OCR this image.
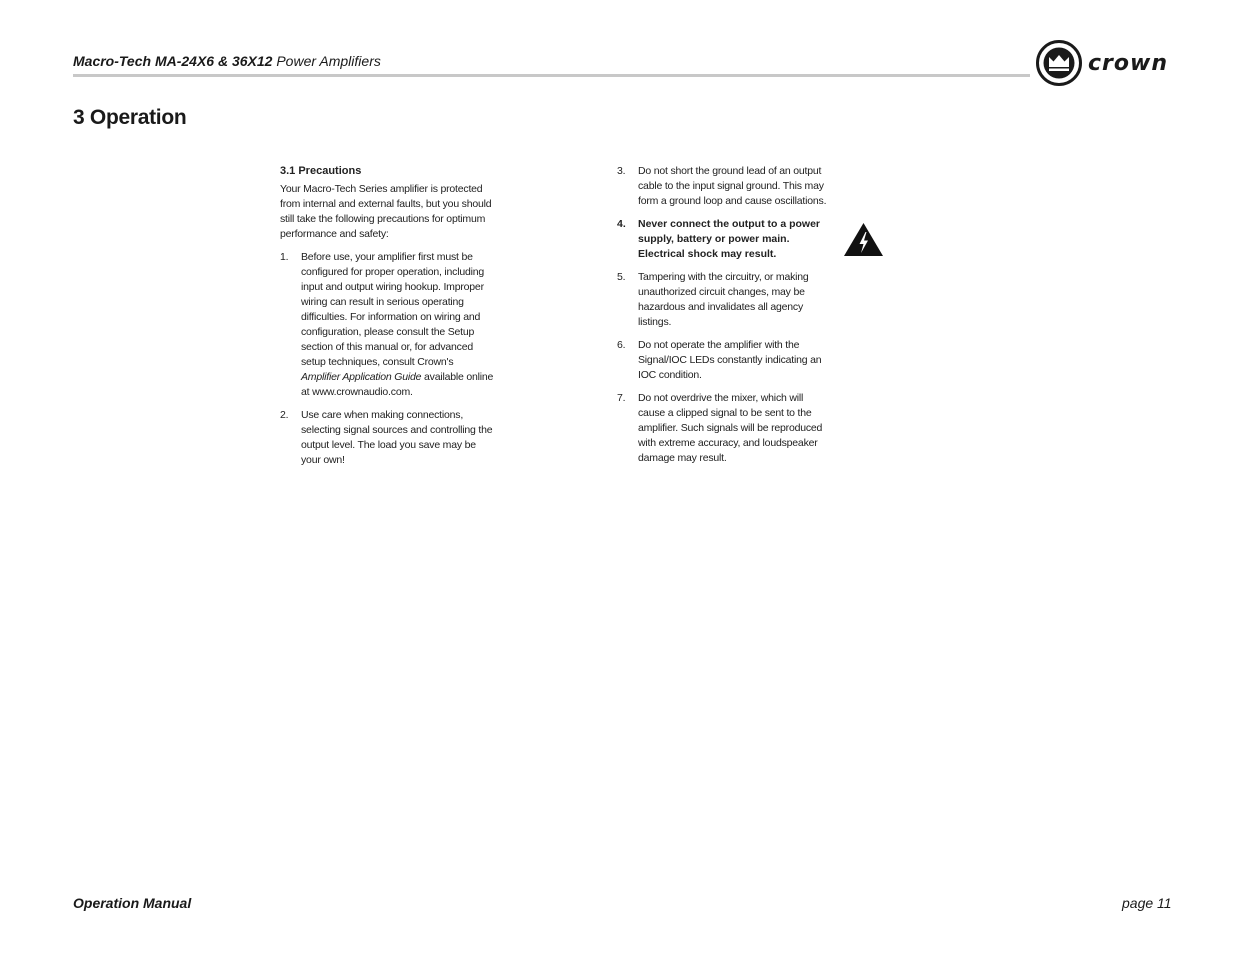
Macro-Tech MA-24X6 & 36X12 Power Amplifiers	crown
3 Operation
3.1 Precautions
Your Macro-Tech Series amplifier is protected from internal and external faults, but you should still take the following precautions for optimum performance and safety:
1. Before use, your amplifier first must be configured for proper operation, including input and output wiring hookup. Improper wiring can result in serious operating difficulties. For information on wiring and configuration, please consult the Setup section of this manual or, for advanced setup techniques, consult Crown's Amplifier Application Guide available online at www.crownaudio.com.
2. Use care when making connections, selecting signal sources and controlling the output level. The load you save may be your own!
3. Do not short the ground lead of an output cable to the input signal ground. This may form a ground loop and cause oscillations.
4. Never connect the output to a power supply, battery or power main. Electrical shock may result.
5. Tampering with the circuitry, or making unauthorized circuit changes, may be hazardous and invalidates all agency listings.
6. Do not operate the amplifier with the Signal/IOC LEDs constantly indicating an IOC condition.
7. Do not overdrive the mixer, which will cause a clipped signal to be sent to the amplifier. Such signals will be reproduced with extreme accuracy, and loudspeaker damage may result.
Operation Manual	page 11
